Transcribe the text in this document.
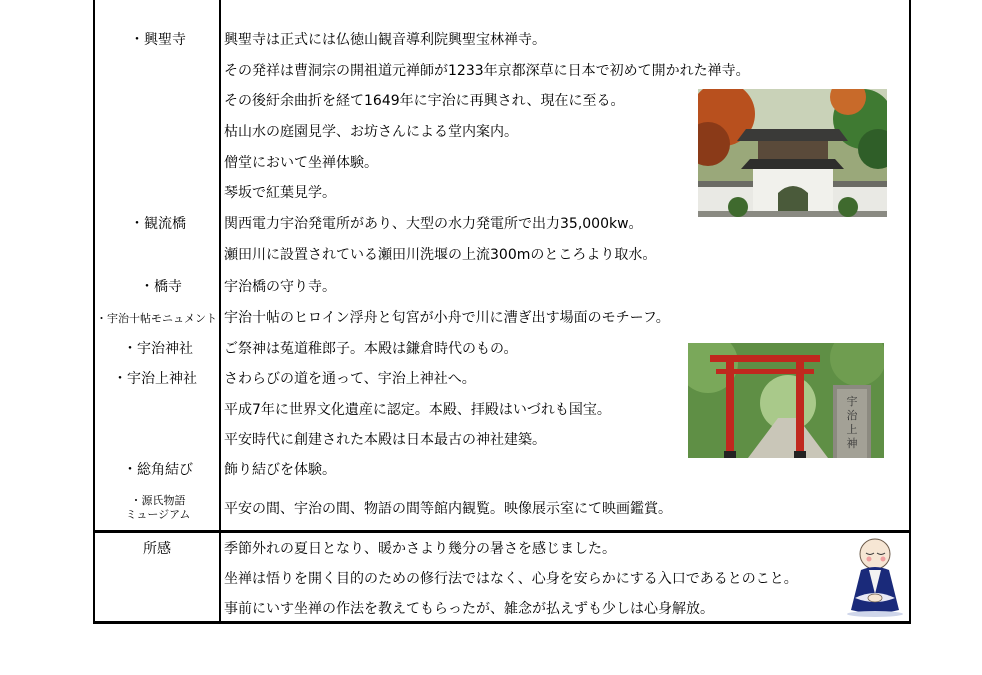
・興聖寺
・観流橋
・橋寺
・宇治十帖モニュメント
・宇治神社
・宇治上神社
・総角結び
・源氏物語
ミュージアム
所感
興聖寺は正式には仏徳山観音導利院興聖宝林禅寺。
その発祥は曹洞宗の開祖道元禅師が1233年京都深草に日本で初めて開かれた禅寺。
その後紆余曲折を経て1649年に宇治に再興され、現在に至る。
枯山水の庭園見学、お坊さんによる堂内案内。
僧堂において坐禅体験。
琴坂で紅葉見学。
関西電力宇治発電所があり、大型の水力発電所で出力35,000kw。
瀬田川に設置されている瀬田川洗堰の上流300mのところより取水。
宇治橋の守り寺。
宇治十帖のヒロイン浮舟と匂宮が小舟で川に漕ぎ出す場面のモチーフ。
ご祭神は菟道稚郎子。本殿は鎌倉時代のもの。
さわらびの道を通って、宇治上神社へ。
平成7年に世界文化遺産に認定。本殿、拝殿はいづれも国宝。
平安時代に創建された本殿は日本最古の神社建築。
飾り結びを体験。
平安の間、宇治の間、物語の間等館内観覧。映像展示室にて映画鑑賞。
季節外れの夏日となり、暖かさより幾分の暑さを感じました。
坐禅は悟りを開く目的のための修行法ではなく、心身を安らかにする入口であるとのこと。
事前にいす坐禅の作法を教えてもらったが、雑念が払えずも少しは心身解放。
宇
治
上
神
